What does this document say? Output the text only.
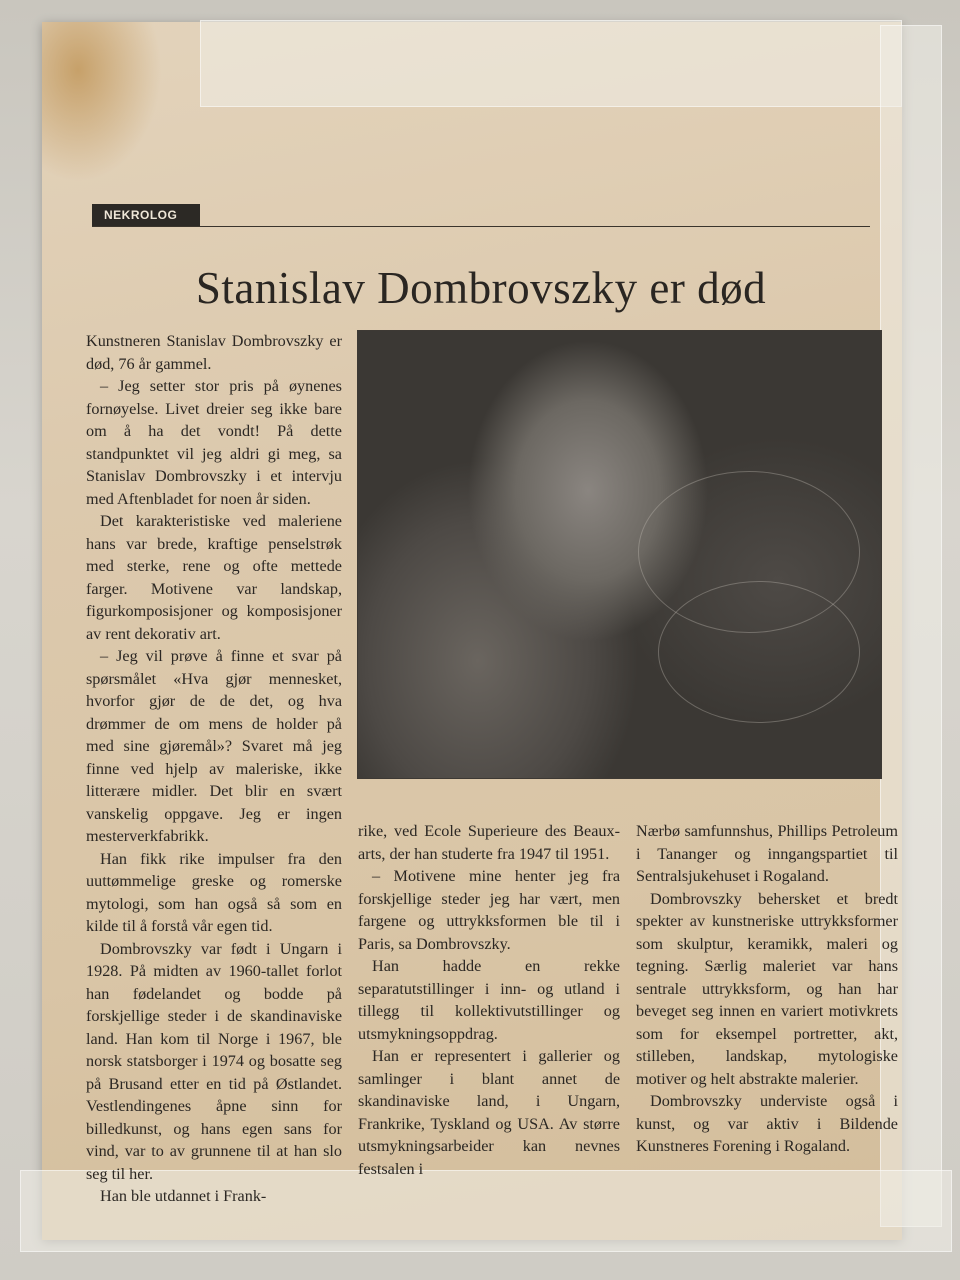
NEKROLOG
Stanislav Dombrovszky er død

Kunstneren Stanislav Dombrovszky er død, 76 år gammel.

– Jeg setter stor pris på øynenes fornøyelse. Livet dreier seg ikke bare om å ha det vondt! På dette standpunktet vil jeg aldri gi meg, sa Stanislav Dombrovszky i et intervju med Aftenbladet for noen år siden.

Det karakteristiske ved maleriene hans var brede, kraftige penselstrøk med sterke, rene og ofte mettede farger. Motivene var landskap, figurkomposisjoner og komposisjoner av rent dekorativ art.

– Jeg vil prøve å finne et svar på spørsmålet «Hva gjør mennesket, hvorfor gjør de de det, og hva drømmer de om mens de holder på med sine gjøremål»? Svaret må jeg finne ved hjelp av maleriske, ikke litterære midler. Det blir en svært vanskelig oppgave. Jeg er ingen mesterverkfabrikk.

Han fikk rike impulser fra den uuttømmelige greske og romerske mytologi, som han også så som en kilde til å forstå vår egen tid.

Dombrovszky var født i Ungarn i 1928. På midten av 1960-tallet forlot han fødelandet og bodde på forskjellige steder i de skandinaviske land. Han kom til Norge i 1967, ble norsk statsborger i 1974 og bosatte seg på Brusand etter en tid på Østlandet. Vestlendingenes åpne sinn for billedkunst, og hans egen sans for vind, var to av grunnene til at han slo seg til her.

Han ble utdannet i Frank-

rike, ved Ecole Superieure des Beaux-arts, der han studerte fra 1947 til 1951.

– Motivene mine henter jeg fra forskjellige steder jeg har vært, men fargene og uttrykksformen ble til i Paris, sa Dombrovszky.

Han hadde en rekke separatutstillinger i inn- og utland i tillegg til kollektivutstillinger og utsmykningsoppdrag.

Han er representert i gallerier og samlinger i blant annet de skandinaviske land, i Ungarn, Frankrike, Tyskland og USA. Av større utsmykningsarbeider kan nevnes festsalen i

Nærbø samfunnshus, Phillips Petroleum i Tananger og inngangspartiet til Sentralsjukehuset i Rogaland.

Dombrovszky behersket et bredt spekter av kunstneriske uttrykksformer som skulptur, keramikk, maleri og tegning. Særlig maleriet var hans sentrale uttrykksform, og han har beveget seg innen en variert motivkrets som for eksempel portretter, akt, stilleben, landskap, mytologiske motiver og helt abstrakte malerier.

Dombrovszky underviste også i kunst, og var aktiv i Bildende Kunstneres Forening i Rogaland.
